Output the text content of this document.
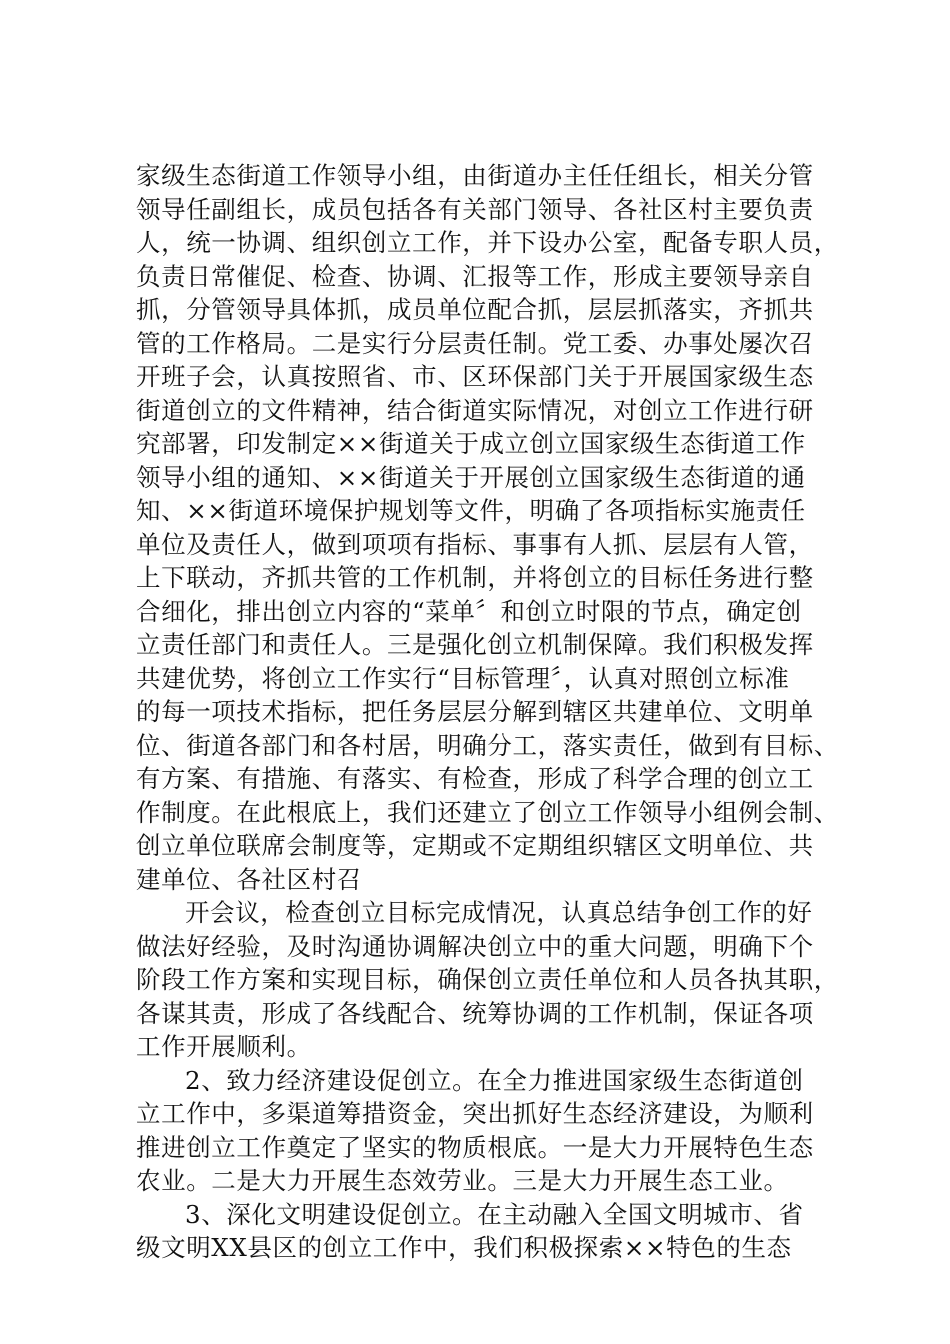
家级生态街道工作领导小组，由街道办主任任组长，相关分管
领导任副组长，成员包括各有关部门领导、各社区村主要负责
人，统一协调、组织创立工作，并下设办公室，配备专职人员，
负责日常催促、检查、协调、汇报等工作，形成主要领导亲自
抓，分管领导具体抓，成员单位配合抓，层层抓落实，齐抓共
管的工作格局。二是实行分层责任制。党工委、办事处屡次召
开班子会，认真按照省、市、区环保部门关于开展国家级生态
街道创立的文件精神，结合街道实际情况，对创立工作进行研
究部署，印发制定××街道关于成立创立国家级生态街道工作
领导小组的通知、××街道关于开展创立国家级生态街道的通
知、××街道环境保护规划等文件，明确了各项指标实施责任
单位及责任人，做到项项有指标、事事有人抓、层层有人管，
上下联动，齐抓共管的工作机制，并将创立的目标任务进行整
合细化，排出创立内容的“菜单〞和创立时限的节点，确定创
立责任部门和责任人。三是强化创立机制保障。我们积极发挥
共建优势，将创立工作实行“目标管理〞，认真对照创立标准
的每一项技术指标，把任务层层分解到辖区共建单位、文明单
位、街道各部门和各村居，明确分工，落实责任，做到有目标、
有方案、有措施、有落实、有检查，形成了科学合理的创立工
作制度。在此根底上，我们还建立了创立工作领导小组例会制、
创立单位联席会制度等，定期或不定期组织辖区文明单位、共
建单位、各社区村召
开会议，检查创立目标完成情况，认真总结争创工作的好
做法好经验，及时沟通协调解决创立中的重大问题，明确下个
阶段工作方案和实现目标，确保创立责任单位和人员各执其职，
各谋其责，形成了各线配合、统筹协调的工作机制，保证各项
工作开展顺利。
2、致力经济建设促创立。在全力推进国家级生态街道创
立工作中，多渠道筹措资金，突出抓好生态经济建设，为顺利
推进创立工作奠定了坚实的物质根底。一是大力开展特色生态
农业。二是大力开展生态效劳业。三是大力开展生态工业。
3、深化文明建设促创立。在主动融入全国文明城市、省
级文明XX县区的创立工作中，我们积极探索××特色的生态
